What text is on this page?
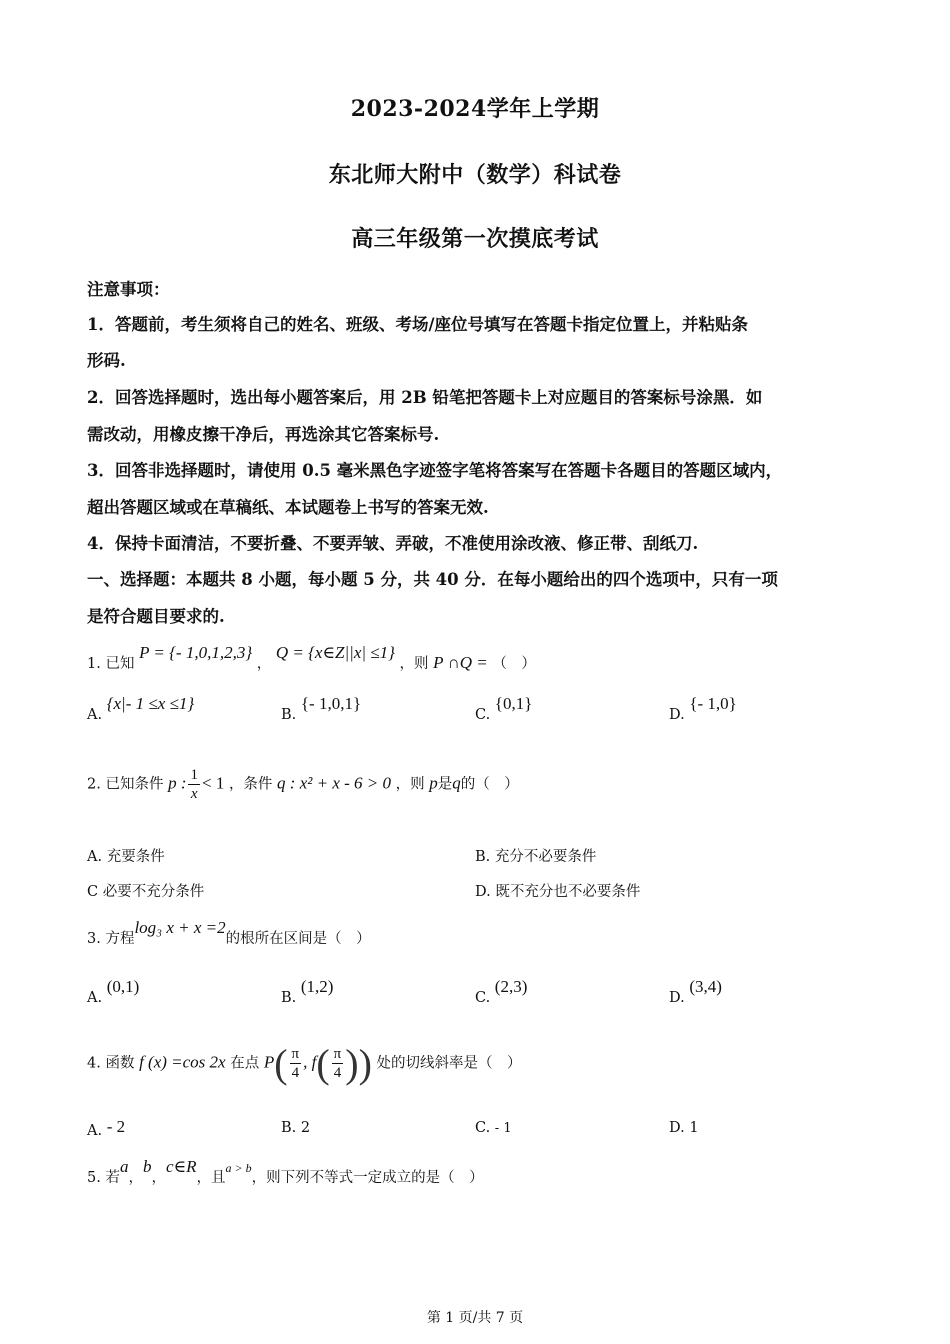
2023-2024学年上学期
东北师大附中（数学）科试卷
高三年级第一次摸底考试
注意事项：
1．答题前，考生须将自己的姓名、班级、考场/座位号填写在答题卡指定位置上，并粘贴条
形码.
2．回答选择题时，选出每小题答案后，用 2B 铅笔把答题卡上对应题目的答案标号涂黑．如
需改动，用橡皮擦干净后，再选涂其它答案标号.
3．回答非选择题时，请使用 0.5 毫米黑色字迹签字笔将答案写在答题卡各题目的答题区域内，
超出答题区域或在草稿纸、本试题卷上书写的答案无效.
4．保持卡面清洁，不要折叠、不要弄皱、弄破，不准使用涂改液、修正带、刮纸刀.
一、选择题：本题共 8 小题，每小题 5 分，共 40 分．在每小题给出的四个选项中，只有一项
是符合题目要求的.
1. 已知 P = {- 1,0,1,2,3} ， Q = {x∈Z||x| ≤1} ，则 P ∩Q = （　）
A. {x|- 1 ≤x ≤1}
B. {- 1,0,1}
C. {0,1}
D. {- 1,0}
2. 已知条件 p : $\frac{1}{x} < 1$ ，条件 q : x² + x - 6 > 0 ，则 p是q的（　）
A. 充要条件	B. 充分不必要条件
C 必要不充分条件	D. 既不充分也不必要条件
3. 方程log₃ x + x =2的根所在区间是（　）
A. (0,1)
B. (1,2)
C. (2,3)
D. (3,4)
4. 函数 f (x) =cos 2x 在点 $P( \frac{\pi}{4}$ , $f( \frac{\pi}{4}$ )) 处的切线斜率是（　）
A. - 2	B. 2	C. - 1	D. 1
5. 若a，b，c∈R，且$^{a > b}$，则下列不等式一定成立的是（　）
第 1 页/共 7 页
